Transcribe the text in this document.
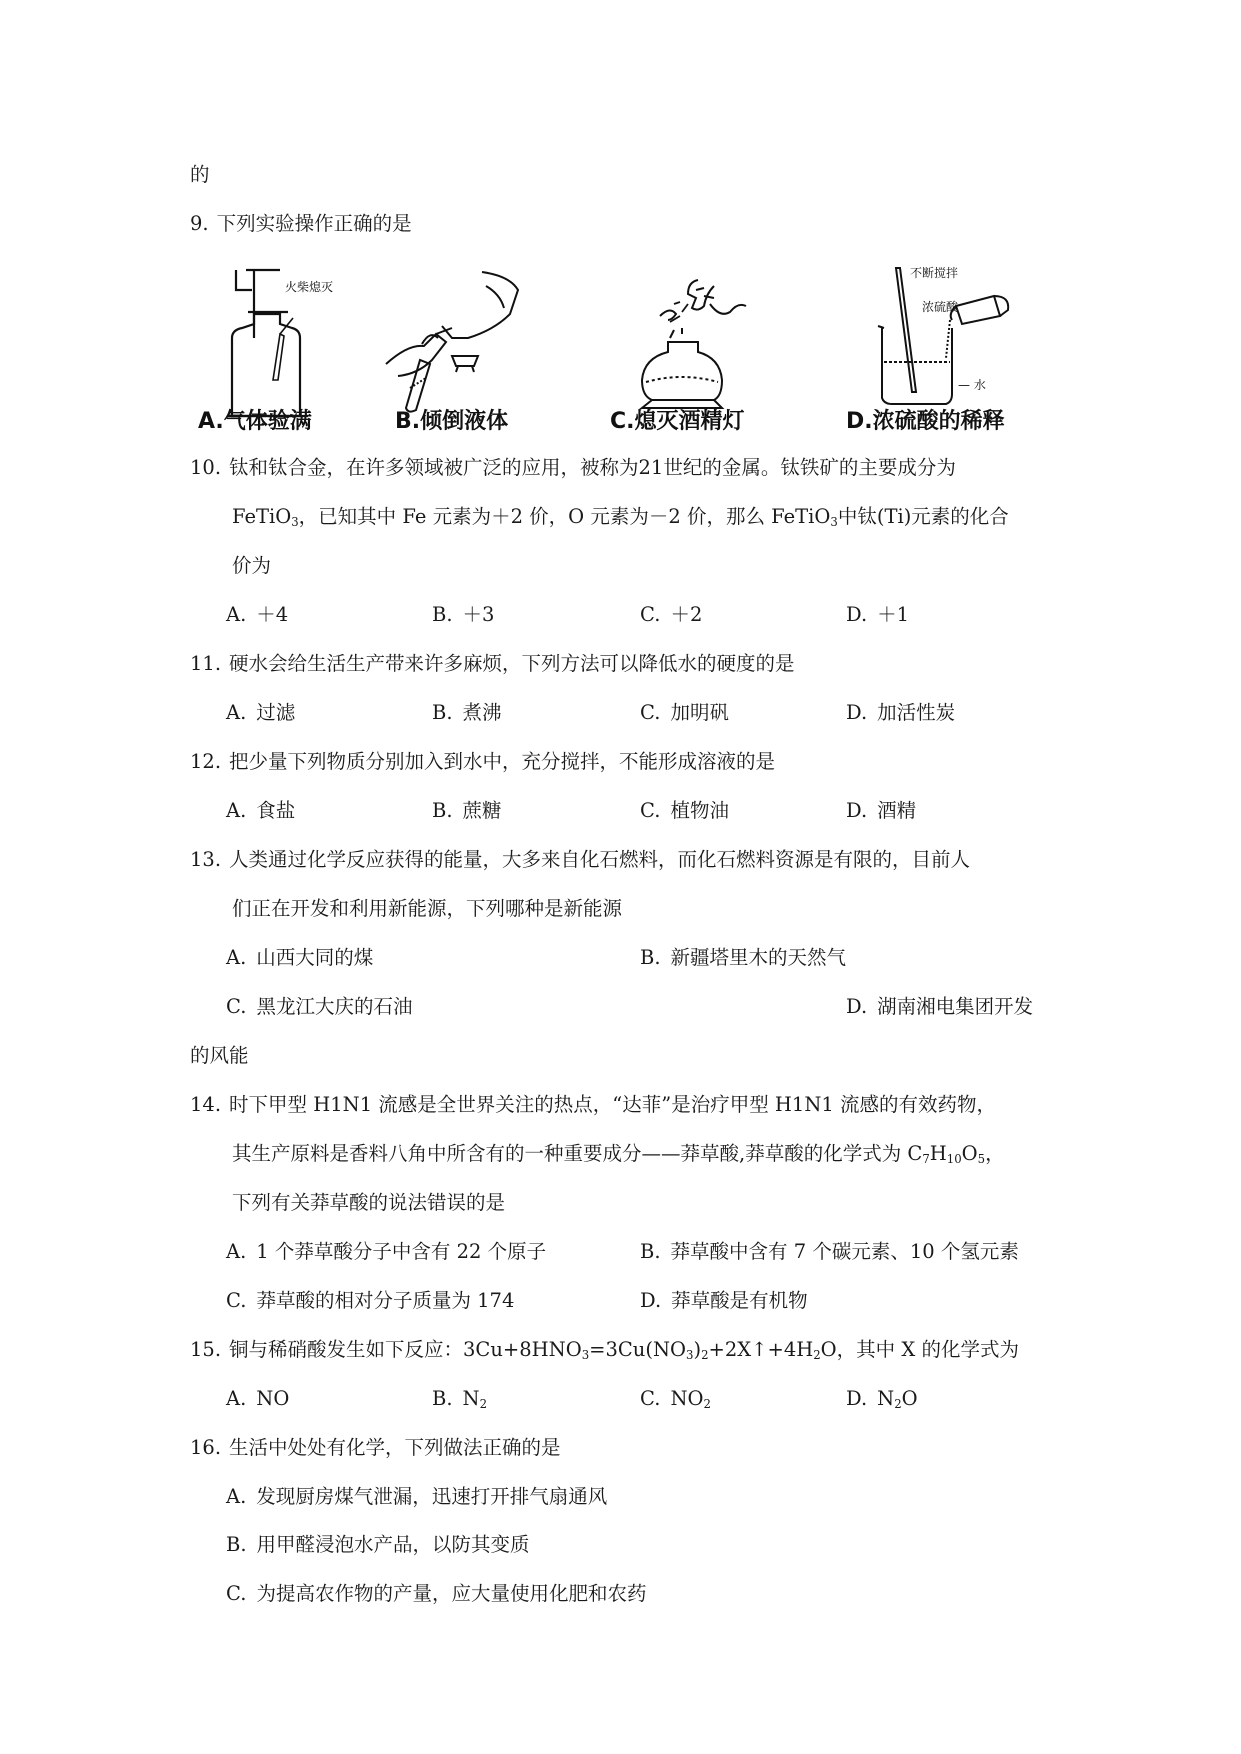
的
9. 下列实验操作正确的是
火柴熄灭
A.气体验满	B.倾倒液体	C.熄灭酒精灯
不断搅拌
浓硫酸
— 水
D.浓硫酸的稀释
10. 钛和钛合金，在许多领域被广泛的应用，被称为21世纪的金属。钛铁矿的主要成分为
FeTiO$_3$，已知其中 Fe 元素为＋2 价，O 元素为－2 价，那么 FeTiO$_3$中钛(Ti)元素的化合
价为
A. ＋4	B. ＋3	C. ＋2	D. ＋1
11. 硬水会给生活生产带来许多麻烦，下列方法可以降低水的硬度的是
A. 过滤	B. 煮沸	C. 加明矾	D. 加活性炭
12. 把少量下列物质分别加入到水中，充分搅拌，不能形成溶液的是
A. 食盐	B. 蔗糖	C. 植物油	D. 酒精
13. 人类通过化学反应获得的能量，大多来自化石燃料，而化石燃料资源是有限的，目前人
们正在开发和利用新能源，下列哪种是新能源
A. 山西大同的煤	B. 新疆塔里木的天然气
C. 黑龙江大庆的石油	D. 湖南湘电集团开发
的风能
14. 时下甲型 H1N1 流感是全世界关注的热点，“达菲”是治疗甲型 H1N1 流感的有效药物，
其生产原料是香料八角中所含有的一种重要成分——莽草酸,莽草酸的化学式为 $C_7H_{10}O_5$，
下列有关莽草酸的说法错误的是
A. 1 个莽草酸分子中含有 22 个原子	B. 莽草酸中含有 7 个碳元素、10 个氢元素
C. 莽草酸的相对分子质量为 174	D. 莽草酸是有机物
15. 铜与稀硝酸发生如下反应：$3Cu+8HNO_3=3Cu(NO_3)_2+2X↑+4H_2O$，其中 X 的化学式为
A. NO	B. $N_2$	C. $NO_2$	D. $N_2O$
16. 生活中处处有化学，下列做法正确的是
A. 发现厨房煤气泄漏，迅速打开排气扇通风
B. 用甲醛浸泡水产品，以防其变质
C. 为提高农作物的产量，应大量使用化肥和农药
